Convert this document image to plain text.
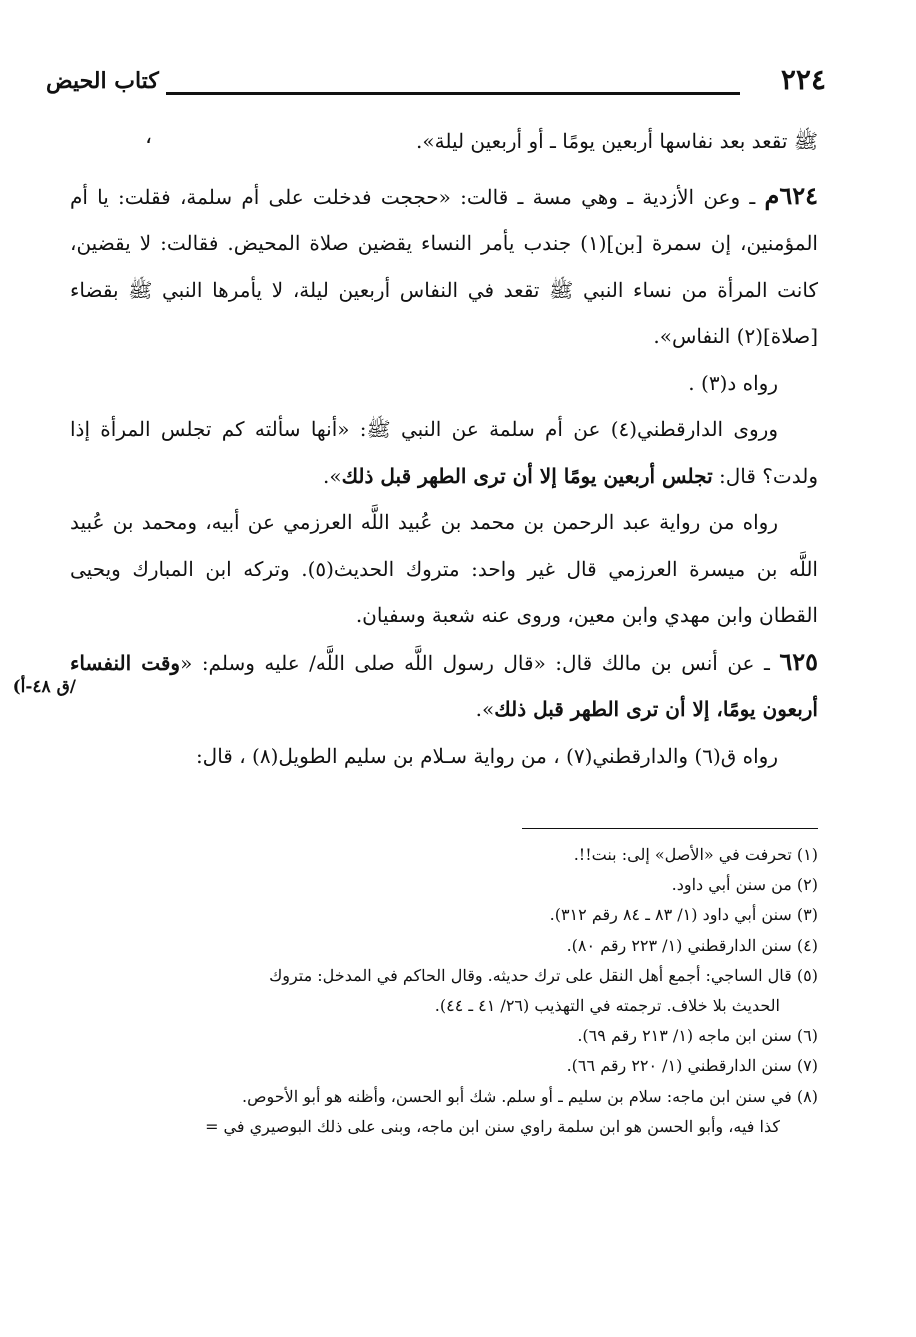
٢٢٤
كتاب الحيض
،
/ق ٤٨-أ)

ﷺ تقعد بعد نفاسها أربعين يومًا ـ أو أربعين ليلة».

٦٢٤م ـ وعن الأزدية ـ وهي مسة ـ قالت: «حججت فدخلت على أم سلمة، فقلت: يا أم المؤمنين، إن سمرة [بن](١) جندب يأمر النساء يقضين صلاة المحيض. فقالت: لا يقضين، كانت المرأة من نساء النبي ﷺ تقعد في النفاس أربعين ليلة، لا يأمرها النبي ﷺ بقضاء [صلاة](٢) النفاس».

رواه د(٣) .

وروى الدارقطني(٤) عن أم سلمة عن النبي ﷺ: «أنها سألته كم تجلس المرأة إذا ولدت؟ قال: تجلس أربعين يومًا إلا أن ترى الطهر قبل ذلك».

رواه من رواية عبد الرحمن بن محمد بن عُبيد اللَّه العرزمي عن أبيه، ومحمد بن عُبيد اللَّه بن ميسرة العرزمي قال غير واحد: متروك الحديث(٥). وتركه ابن المبارك ويحيى القطان وابن مهدي وابن معين، وروى عنه شعبة وسفيان.

٦٢٥ ـ عن أنس بن مالك قال: «قال رسول اللَّه صلى اللَّه/ عليه وسلم: «وقت النفساء أربعون يومًا، إلا أن ترى الطهر قبل ذلك».

رواه ق(٦) والدارقطني(٧) ، من رواية سـلام بن سليم الطويل(٨) ، قال:

(١) تحرفت في «الأصل» إلى: بنت!!.

(٢) من سنن أبي داود.

(٣) سنن أبي داود (١/ ٨٣ ـ ٨٤ رقم ٣١٢).

(٤) سنن الدارقطني (١/ ٢٢٣ رقم ٨٠).

(٥) قال الساجي: أجمع أهل النقل على ترك حديثه. وقال الحاكم في المدخل: متروك

الحديث بلا خلاف. ترجمته في التهذيب (٢٦/ ٤١ ـ ٤٤).

(٦) سنن ابن ماجه (١/ ٢١٣ رقم ٦٩).

(٧) سنن الدارقطني (١/ ٢٢٠ رقم ٦٦).

(٨) في سنن ابن ماجه: سلام بن سليم ـ أو سلم. شك أبو الحسن، وأظنه هو أبو الأحوص.

كذا فيه، وأبو الحسن هو ابن سلمة راوي سنن ابن ماجه، وبنى على ذلك البوصيري في =
